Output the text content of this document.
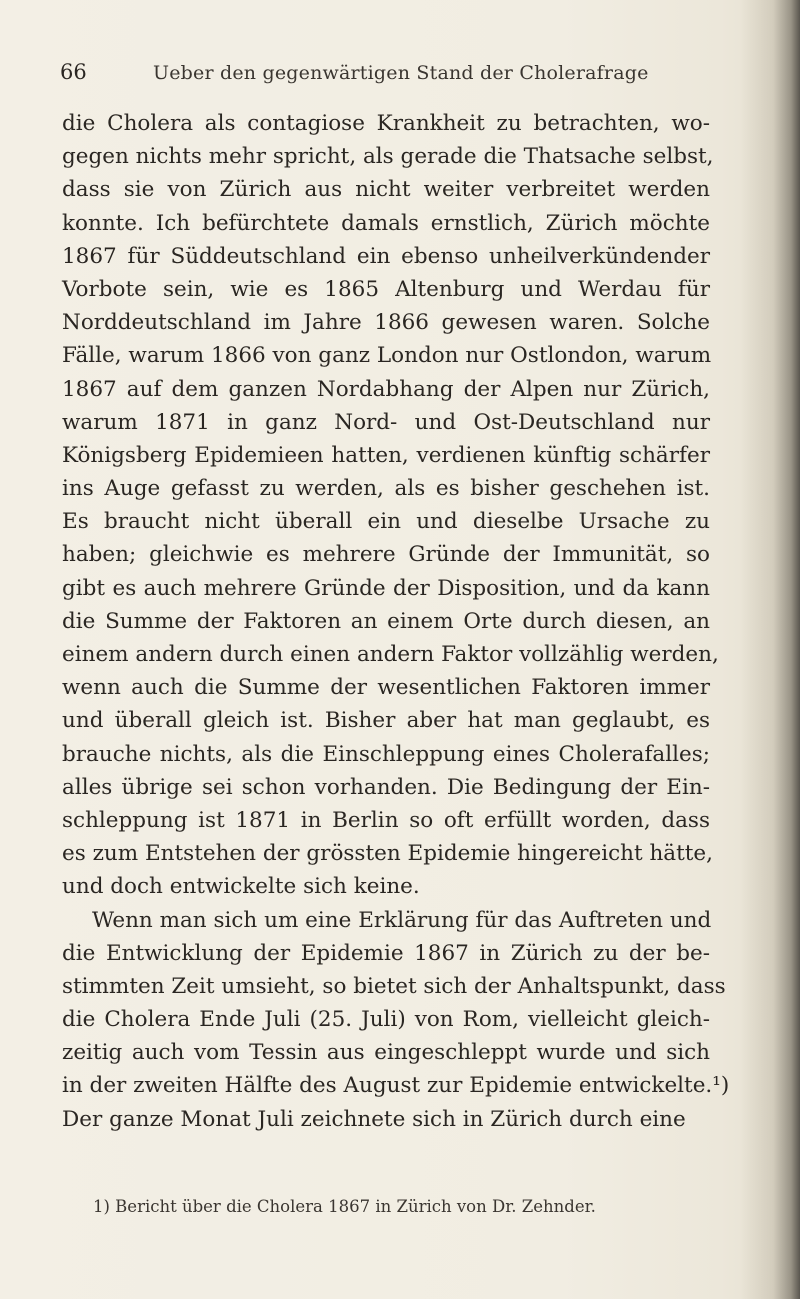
66	Ueber den gegenwärtigen Stand der Cholerafrage
die Cholera als contagiose Krankheit zu betrachten, wo-
gegen nichts mehr spricht, als gerade die Thatsache selbst,
dass sie von Zürich aus nicht weiter verbreitet werden
konnte. Ich befürchtete damals ernstlich, Zürich möchte
1867 für Süddeutschland ein ebenso unheilverkündender
Vorbote sein, wie es 1865 Altenburg und Werdau für
Norddeutschland im Jahre 1866 gewesen waren. Solche
Fälle, warum 1866 von ganz London nur Ostlondon, warum
1867 auf dem ganzen Nordabhang der Alpen nur Zürich,
warum 1871 in ganz Nord- und Ost-Deutschland nur
Königsberg Epidemieen hatten, verdienen künftig schärfer
ins Auge gefasst zu werden, als es bisher geschehen ist.
Es braucht nicht überall ein und dieselbe Ursache zu
haben; gleichwie es mehrere Gründe der Immunität, so
gibt es auch mehrere Gründe der Disposition, und da kann
die Summe der Faktoren an einem Orte durch diesen, an
einem andern durch einen andern Faktor vollzählig werden,
wenn auch die Summe der wesentlichen Faktoren immer
und überall gleich ist. Bisher aber hat man geglaubt, es
brauche nichts, als die Einschleppung eines Cholerafalles;
alles übrige sei schon vorhanden. Die Bedingung der Ein-
schleppung ist 1871 in Berlin so oft erfüllt worden, dass
es zum Entstehen der grössten Epidemie hingereicht hätte,
und doch entwickelte sich keine.
Wenn man sich um eine Erklärung für das Auftreten und
die Entwicklung der Epidemie 1867 in Zürich zu der be-
stimmten Zeit umsieht, so bietet sich der Anhaltspunkt, dass
die Cholera Ende Juli (25. Juli) von Rom, vielleicht gleich-
zeitig auch vom Tessin aus eingeschleppt wurde und sich
in der zweiten Hälfte des August zur Epidemie entwickelte.¹)
Der ganze Monat Juli zeichnete sich in Zürich durch eine
1) Bericht über die Cholera 1867 in Zürich von Dr. Zehnder.
